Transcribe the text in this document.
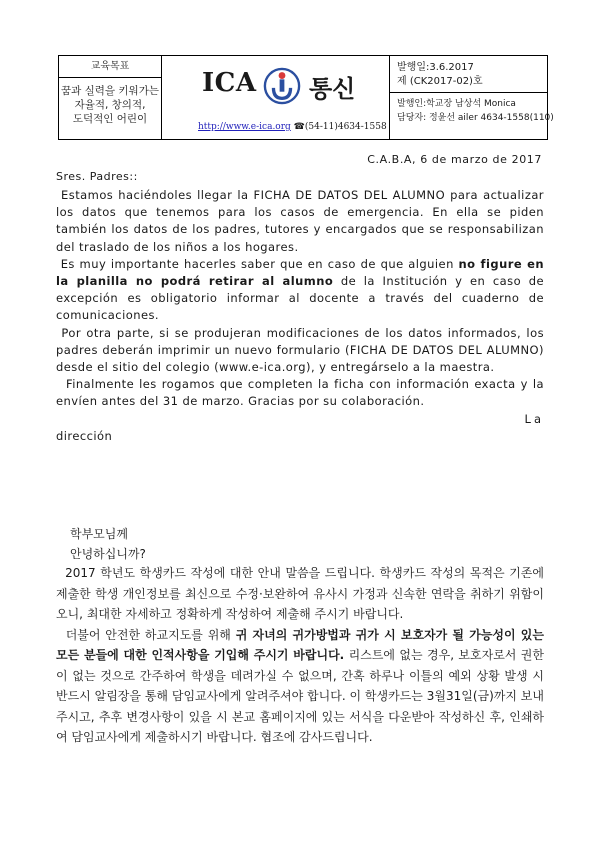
교육목표
꿈과 실력을 키워가는
자율적, 창의적,
도덕적인 어린이
ICA 통신
http://www.e-ica.org ☎(54-11)4634-1558
발행일:3.6.2017
제 (CK2017-02)호
발행인:학교장 남상석 Monica
담당자: 정윤선 ailer 4634-1558(110)
C.A.B.A, 6 de marzo de 2017
Sres. Padres::

Estamos haciéndoles llegar la FICHA DE DATOS DEL ALUMNO para actualizar los datos que tenemos para los casos de emergencia. En ella se piden también los datos de los padres, tutores y encargados que se responsabilizan del traslado de los niños a los hogares.

Es muy importante hacerles saber que en caso de que alguien no figure en la planilla no podrá retirar al alumno de la Institución y en caso de excepción es obligatorio informar al docente a través del cuaderno de comunicaciones.

Por otra parte, si se produjeran modificaciones de los datos informados, los padres deberán imprimir un nuevo formulario (FICHA DE DATOS DEL ALUMNO) desde el sitio del colegio (www.e-ica.org), y entregárselo a la maestra.

Finalmente les rogamos que completen la ficha con información exacta y la envíen antes del 31 de marzo. Gracias por su colaboración.

La

dirección

학부모님께
안녕하십니까?

2017 학년도 학생카드 작성에 대한 안내 말씀을 드립니다. 학생카드 작성의 목적은 기존에 제출한 학생 개인정보를 최신으로 수정·보완하여 유사시 가정과 신속한 연락을 취하기 위함이오니, 최대한 자세하고 정확하게 작성하여 제출해 주시기 바랍니다.

더불어 안전한 하교지도를 위해 귀 자녀의 귀가방법과 귀가 시 보호자가 될 가능성이 있는 모든 분들에 대한 인적사항을 기입해 주시기 바랍니다. 리스트에 없는 경우, 보호자로서 권한이 없는 것으로 간주하여 학생을 데려가실 수 없으며, 간혹 하루나 이틀의 예외 상황 발생 시 반드시 알림장을 통해 담임교사에게 알려주셔야 합니다. 이 학생카드는 3월31일(금)까지 보내주시고, 추후 변경사항이 있을 시 본교 홈페이지에 있는 서식을 다운받아 작성하신 후, 인쇄하여 담임교사에게 제출하시기 바랍니다. 협조에 감사드립니다.
